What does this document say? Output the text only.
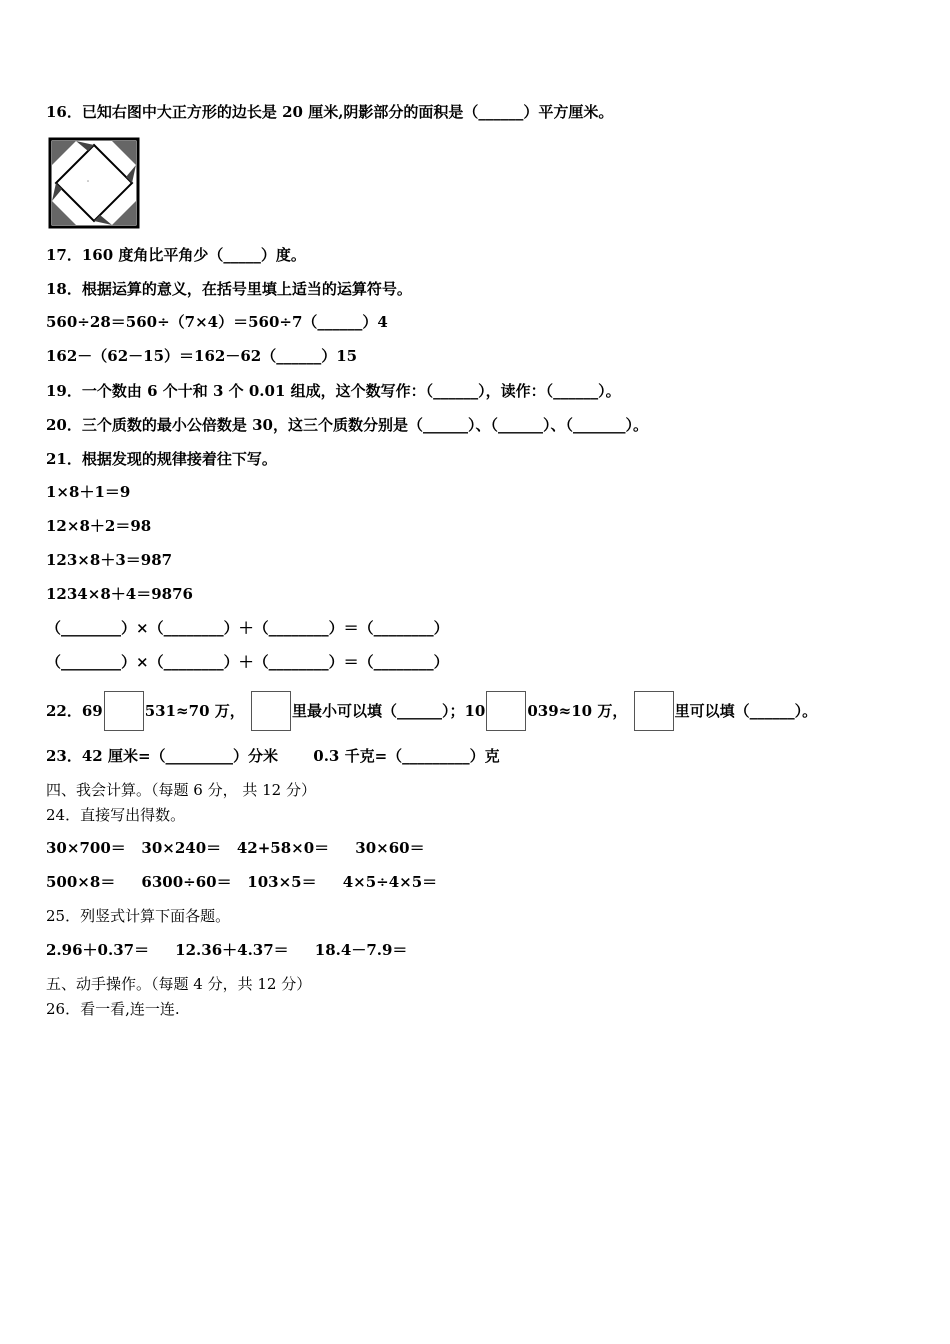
16．已知右图中大正方形的边长是 20 厘米,阴影部分的面积是（______）平方厘米。
17．160 度角比平角少（_____）度。
18．根据运算的意义，在括号里填上适当的运算符号。
560÷28＝560÷（7×4）＝560÷7（______）4
162－（62－15）＝162－62（______）15
19．一个数由 6 个十和 3 个 0.01 组成，这个数写作：（______），读作：（______）。
20．三个质数的最小公倍数是 30，这三个质数分别是（______）、（______）、（_______）。
21．根据发现的规律接着往下写。
1×8＋1＝9
12×8＋2＝98
123×8＋3＝987
1234×8＋4＝9876
（________）×（________）＋（________）＝（________）
（________）×（________）＋（________）＝（________）
22．69	531≈70 万，	里最小可以填（______）；10	039≈10 万，	里可以填（______）。
23．42 厘米=（_________）分米　　 0.3 千克=（_________）克
四、我会计算。（每题 6 分， 共 12 分）
24．直接写出得数。
30×700＝   30×240＝   42+58×0＝     30×60＝
500×8＝     6300÷60＝   103×5＝     4×5÷4×5＝
25．列竖式计算下面各题。
2.96＋0.37＝     12.36＋4.37＝     18.4－7.9＝
五、动手操作。（每题 4 分，共 12 分）
26．看一看,连一连.
